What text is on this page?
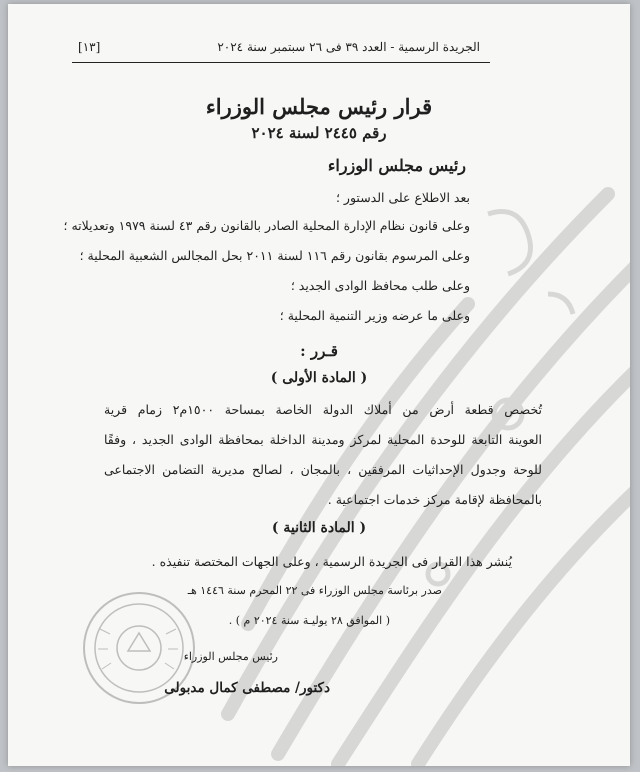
الجريدة الرسمية - العدد ٣٩ فى ٢٦ سبتمبر سنة ٢٠٢٤
[١٣]
قرار رئيس مجلس الوزراء
رقم ٢٤٤٥ لسنة ٢٠٢٤
رئيس مجلس الوزراء
بعد الاطلاع على الدستور ؛
وعلى قانون نظام الإدارة المحلية الصادر بالقانون رقم ٤٣ لسنة ١٩٧٩ وتعديلاته ؛
وعلى المرسوم بقانون رقم ١١٦ لسنة ٢٠١١ بحل المجالس الشعبية المحلية ؛
وعلى طلب محافظ الوادى الجديد ؛
وعلى ما عرضه وزير التنمية المحلية ؛
قـرر :
( المادة الأولى )
تُخصص قطعة أرض من أملاك الدولة الخاصة بمساحة ١٥٠٠م٢ زمام قرية
العوينة التابعة للوحدة المحلية لمركز ومدينة الداخلة بمحافظة الوادى الجديد ، وفقًا
للوحة وجدول الإحداثيات المرفقين ، بالمجان ، لصالح مديرية التضامن الاجتماعى
بالمحافظة لإقامة مركز خدمات اجتماعية .
( المادة الثانية )
يُنشر هذا القرار فى الجريدة الرسمية ، وعلى الجهات المختصة تنفيذه .
صدر برئاسة مجلس الوزراء فى ٢٢ المحرم سنة ١٤٤٦ هـ
( الموافق ٢٨ يوليـة سنة ٢٠٢٤ م ) .
رئيس مجلس الوزراء
دكتور/ مصطفى كمال مدبولى
